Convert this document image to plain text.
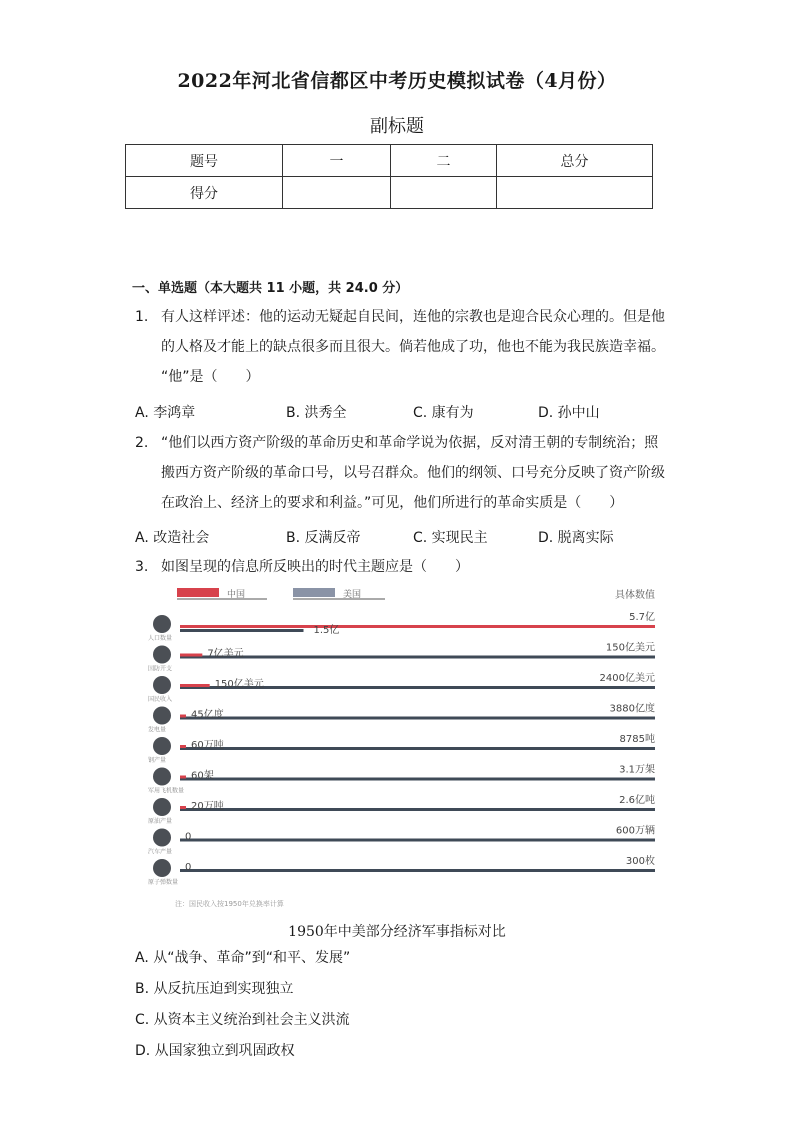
2022年河北省信都区中考历史模拟试卷（4月份）
副标题
题号	一	二	总分
得分			
一、单选题（本大题共 11 小题，共 24.0 分）
1. 有人这样评述：他的运动无疑起自民间，连他的宗教也是迎合民众心理的。但是他
的人格及才能上的缺点很多而且很大。倘若他成了功，他也不能为我民族造幸福。
“他”是（　　）
A. 李鸿章	B. 洪秀全	C. 康有为	D. 孙中山
2. “他们以西方资产阶级的革命历史和革命学说为依据，反对清王朝的专制统治；照
搬西方资产阶级的革命口号，以号召群众。他们的纲领、口号充分反映了资产阶级
在政治上、经济上的要求和利益。”可见，他们所进行的革命实质是（　　）
A. 改造社会	B. 反满反帝	C. 实现民主	D. 脱离实际
3. 如图呈现的信息所反映出的时代主题应是（　　）
中国	美国	具体数值
人口数量
1.5亿
5.7亿
国防开支
7亿美元
150亿美元
国民收入
150亿美元
2400亿美元
发电量
45亿度
3880亿度
钢产量
60万吨
8785吨
军用飞机数量
60架
3.1万架
原油产量
20万吨
2.6亿吨
汽车产量
0
600万辆
原子弹数量
0
300枚
注：国民收入按1950年兑换率计算
1950年中美部分经济军事指标对比
A. 从“战争、革命”到“和平、发展”
B. 从反抗压迫到实现独立
C. 从资本主义统治到社会主义洪流
D. 从国家独立到巩固政权
